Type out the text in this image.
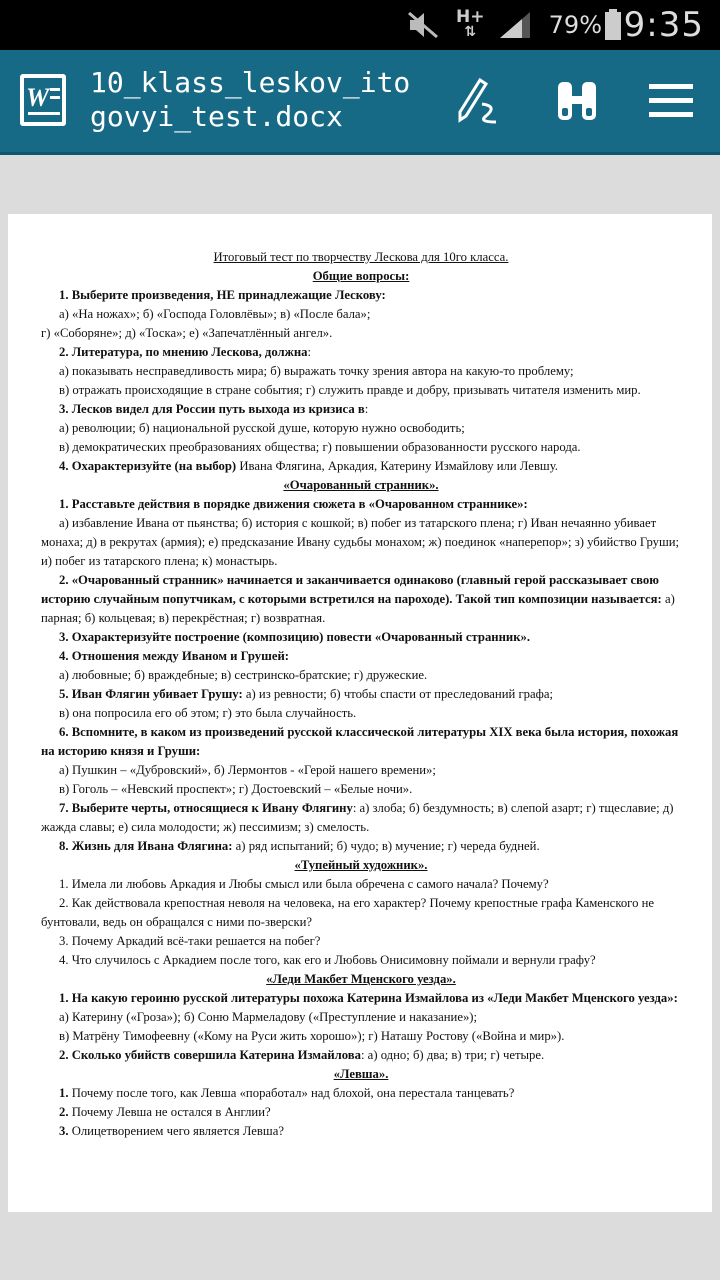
H+
⇅	79% 9:35
W 10_klass_leskov_itogovyi_test.docx

Итоговый тест по творчеству Лескова для 10го класса.

Общие вопросы:

1. Выберите произведения, НЕ принадлежащие Лескову:

а) «На ножах»; б) «Господа Головлёвы»; в) «После бала»;

г) «Соборяне»; д) «Тоска»; е) «Запечатлённый ангел».

2. Литература, по мнению Лескова, должна:

а) показывать несправедливость мира; б) выражать точку зрения автора на какую-то проблему;

в) отражать происходящие в стране события; г) служить правде и добру, призывать читателя изменить мир.

3. Лесков видел для России путь выхода из кризиса в:

а) революции; б) национальной русской душе, которую нужно освободить;

в) демократических преобразованиях общества; г) повышении образованности русского народа.

4. Охарактеризуйте (на выбор) Ивана Флягина, Аркадия, Катерину Измайлову или Левшу.

«Очарованный странник».

1. Расставьте действия в порядке движения сюжета в «Очарованном страннике»:

а) избавление Ивана от пьянства; б) история с кошкой; в) побег из татарского плена; г) Иван нечаянно убивает монаха; д) в рекрутах (армия); е) предсказание Ивану судьбы монахом; ж) поединок «наперепор»; з) убийство Груши; и) побег из татарского плена; к) монастырь.

2. «Очарованный странник» начинается и заканчивается одинаково (главный герой рассказывает свою историю случайным попутчикам, с которыми встретился на пароходе). Такой тип композиции называется: а) парная; б) кольцевая; в) перекрёстная; г) возвратная.

3. Охарактеризуйте построение (композицию) повести «Очарованный странник».

4. Отношения между Иваном и Грушей:

а) любовные; б) враждебные; в) сестринско-братские; г) дружеские.

5. Иван Флягин убивает Грушу: а) из ревности; б) чтобы спасти от преследований графа;

в) она попросила его об этом; г) это была случайность.

6. Вспомните, в каком из произведений русской классической литературы XIX века была история, похожая на историю князя и Груши:

а) Пушкин – «Дубровский», б) Лермонтов - «Герой нашего времени»;

в) Гоголь – «Невский проспект»; г) Достоевский – «Белые ночи».

7. Выберите черты, относящиеся к Ивану Флягину: а) злоба; б) бездумность; в) слепой азарт; г) тщеславие; д) жажда славы; е) сила молодости; ж) пессимизм; з) смелость.

8. Жизнь для Ивана Флягина: а) ряд испытаний; б) чудо; в) мучение; г) череда будней.

«Тупейный художник».

1. Имела ли любовь Аркадия и Любы смысл или была обречена с самого начала? Почему?

2. Как действовала крепостная неволя на человека, на его характер? Почему крепостные графа Каменского не бунтовали, ведь он обращался с ними по-зверски?

3. Почему Аркадий всё-таки решается на побег?

4. Что случилось с Аркадием после того, как его и Любовь Онисимовну поймали и вернули графу?

«Леди Макбет Мценского уезда».

1. На какую героиню русской литературы похожа Катерина Измайлова из «Леди Макбет Мценского уезда»:

а) Катерину («Гроза»); б) Соню Мармеладову («Преступление и наказание»);

в) Матрёну Тимофеевну («Кому на Руси жить хорошо»); г) Наташу Ростову («Война и мир»).

2. Сколько убийств совершила Катерина Измайлова: а) одно; б) два; в) три; г) четыре.

«Левша».

1. Почему после того, как Левша «поработал» над блохой, она перестала танцевать?

2. Почему Левша не остался в Англии?

3. Олицетворением чего является Левша?
